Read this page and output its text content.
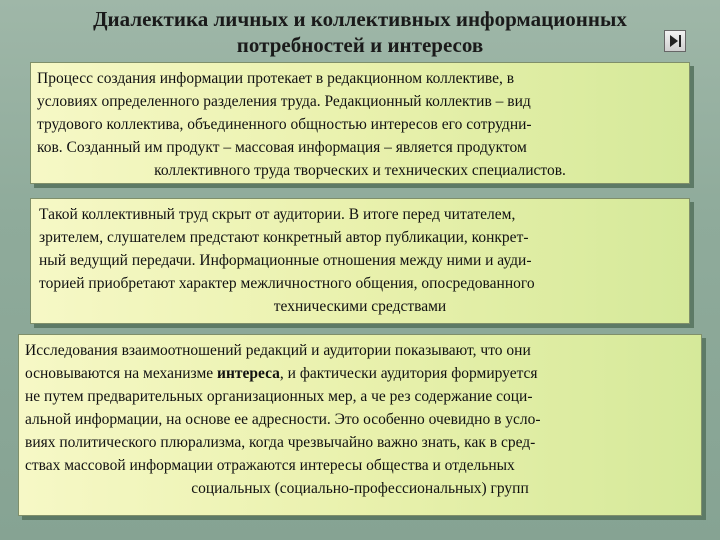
Диалектика личных и коллективных информационных
потребностей и интересов
Процесс создания информации протекает в редакционном коллективе, в
условиях определенного разделения труда. Редакционный коллектив – вид
трудового коллектива, объединенного общностью интересов его сотрудни-
ков. Созданный им продукт – массовая информация – является продуктом
коллективного труда творческих и технических специалистов.
Такой коллективный труд скрыт от аудитории. В итоге перед читателем,
зрителем, слушателем предстают конкретный автор публикации, конкрет-
ный ведущий передачи. Информационные отношения между ними и ауди-
торией приобретают характер межличностного общения, опосредованного
техническими средствами
Исследования взаимоотношений редакций и аудитории показывают, что они
основываются на механизме интереса, и фактически аудитория формируется
не путем предварительных организационных мер, а че рез содержание соци-
альной информации, на основе ее адресности. Это особенно очевидно в усло-
виях политического плюрализма, когда чрезвычайно важно знать, как в сред-
ствах массовой информации отражаются интересы общества и отдельных
социальных (социально-профессиональных) групп
